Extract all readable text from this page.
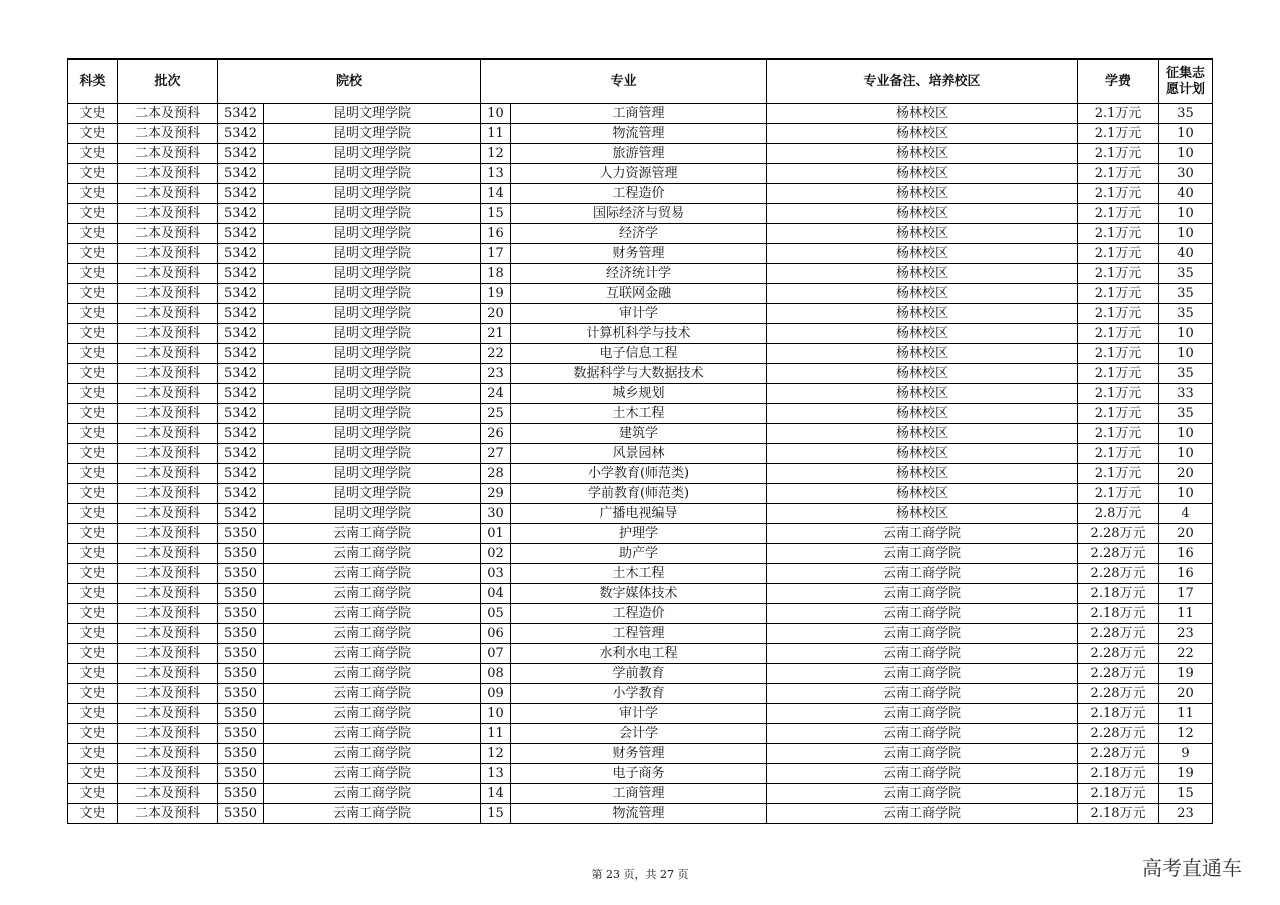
科类	批次	院校		专业		专业备注、培养校区	学费	征集志愿计划
文史	二本及预科	5342	昆明文理学院	10	工商管理	杨林校区	2.1万元	35
文史	二本及预科	5342	昆明文理学院	11	物流管理	杨林校区	2.1万元	10
文史	二本及预科	5342	昆明文理学院	12	旅游管理	杨林校区	2.1万元	10
文史	二本及预科	5342	昆明文理学院	13	人力资源管理	杨林校区	2.1万元	30
文史	二本及预科	5342	昆明文理学院	14	工程造价	杨林校区	2.1万元	40
文史	二本及预科	5342	昆明文理学院	15	国际经济与贸易	杨林校区	2.1万元	10
文史	二本及预科	5342	昆明文理学院	16	经济学	杨林校区	2.1万元	10
文史	二本及预科	5342	昆明文理学院	17	财务管理	杨林校区	2.1万元	40
文史	二本及预科	5342	昆明文理学院	18	经济统计学	杨林校区	2.1万元	35
文史	二本及预科	5342	昆明文理学院	19	互联网金融	杨林校区	2.1万元	35
文史	二本及预科	5342	昆明文理学院	20	审计学	杨林校区	2.1万元	35
文史	二本及预科	5342	昆明文理学院	21	计算机科学与技术	杨林校区	2.1万元	10
文史	二本及预科	5342	昆明文理学院	22	电子信息工程	杨林校区	2.1万元	10
文史	二本及预科	5342	昆明文理学院	23	数据科学与大数据技术	杨林校区	2.1万元	35
文史	二本及预科	5342	昆明文理学院	24	城乡规划	杨林校区	2.1万元	33
文史	二本及预科	5342	昆明文理学院	25	土木工程	杨林校区	2.1万元	35
文史	二本及预科	5342	昆明文理学院	26	建筑学	杨林校区	2.1万元	10
文史	二本及预科	5342	昆明文理学院	27	风景园林	杨林校区	2.1万元	10
文史	二本及预科	5342	昆明文理学院	28	小学教育(师范类)	杨林校区	2.1万元	20
文史	二本及预科	5342	昆明文理学院	29	学前教育(师范类)	杨林校区	2.1万元	10
文史	二本及预科	5342	昆明文理学院	30	广播电视编导	杨林校区	2.8万元	4
文史	二本及预科	5350	云南工商学院	01	护理学	云南工商学院	2.28万元	20
文史	二本及预科	5350	云南工商学院	02	助产学	云南工商学院	2.28万元	16
文史	二本及预科	5350	云南工商学院	03	土木工程	云南工商学院	2.28万元	16
文史	二本及预科	5350	云南工商学院	04	数字媒体技术	云南工商学院	2.18万元	17
文史	二本及预科	5350	云南工商学院	05	工程造价	云南工商学院	2.18万元	11
文史	二本及预科	5350	云南工商学院	06	工程管理	云南工商学院	2.28万元	23
文史	二本及预科	5350	云南工商学院	07	水利水电工程	云南工商学院	2.28万元	22
文史	二本及预科	5350	云南工商学院	08	学前教育	云南工商学院	2.28万元	19
文史	二本及预科	5350	云南工商学院	09	小学教育	云南工商学院	2.28万元	20
文史	二本及预科	5350	云南工商学院	10	审计学	云南工商学院	2.18万元	11
文史	二本及预科	5350	云南工商学院	11	会计学	云南工商学院	2.28万元	12
文史	二本及预科	5350	云南工商学院	12	财务管理	云南工商学院	2.28万元	9
文史	二本及预科	5350	云南工商学院	13	电子商务	云南工商学院	2.18万元	19
文史	二本及预科	5350	云南工商学院	14	工商管理	云南工商学院	2.18万元	15
文史	二本及预科	5350	云南工商学院	15	物流管理	云南工商学院	2.18万元	23
第 23 页，共 27 页	高考直通车
